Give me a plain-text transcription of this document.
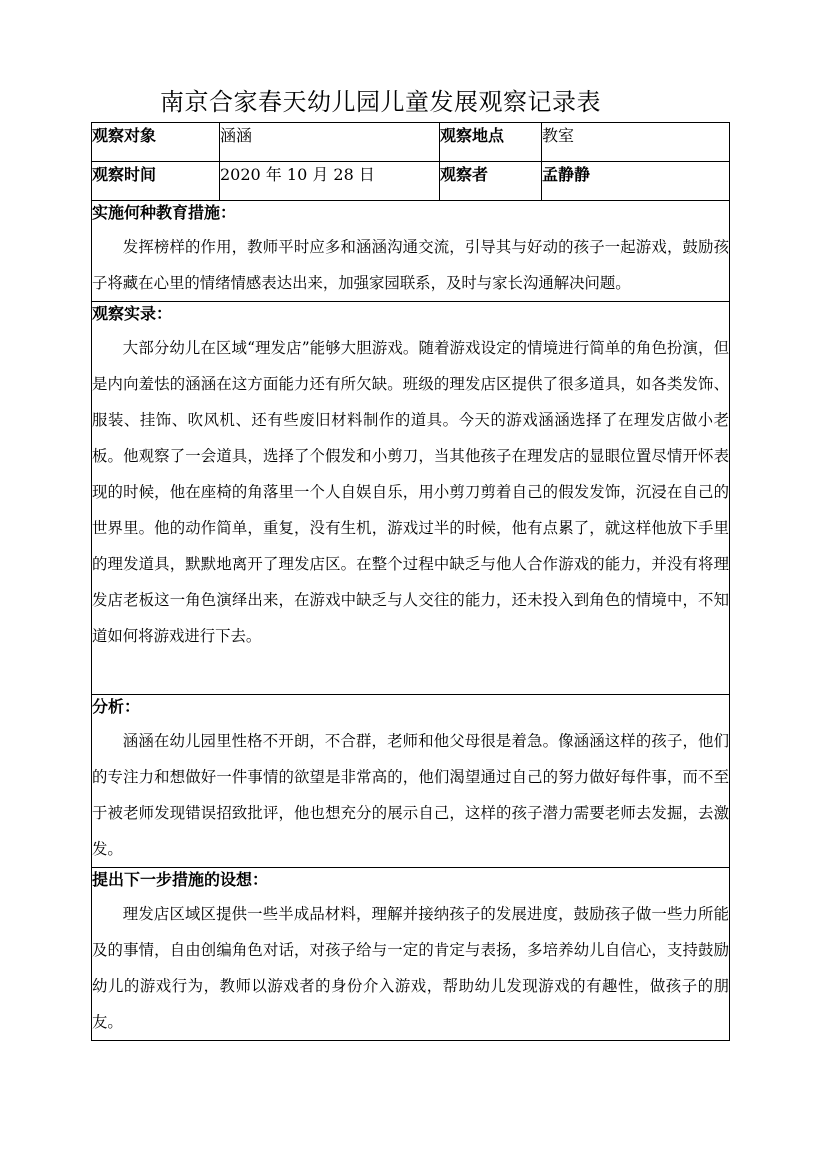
南京合家春天幼儿园儿童发展观察记录表
观察对象	涵涵	观察地点	教室
观察时间	2020 年 10 月 28 日	观察者	孟静静

实施何种教育措施：

发挥榜样的作用，教师平时应多和涵涵沟通交流，引导其与好动的孩子一起游戏，鼓励孩子将藏在心里的情绪情感表达出来，加强家园联系，及时与家长沟通解决问题。			

观察实录：

大部分幼儿在区域“理发店”能够大胆游戏。随着游戏设定的情境进行简单的角色扮演，但是内向羞怯的涵涵在这方面能力还有所欠缺。班级的理发店区提供了很多道具，如各类发饰、服装、挂饰、吹风机、还有些废旧材料制作的道具。今天的游戏涵涵选择了在理发店做小老板。他观察了一会道具，选择了个假发和小剪刀，当其他孩子在理发店的显眼位置尽情开怀表现的时候，他在座椅的角落里一个人自娱自乐，用小剪刀剪着自己的假发发饰，沉浸在自己的世界里。他的动作简单，重复，没有生机，游戏过半的时候，他有点累了，就这样他放下手里的理发道具，默默地离开了理发店区。在整个过程中缺乏与他人合作游戏的能力，并没有将理发店老板这一角色演绎出来，在游戏中缺乏与人交往的能力，还未投入到角色的情境中，不知道如何将游戏进行下去。			

分析：

涵涵在幼儿园里性格不开朗，不合群，老师和他父母很是着急。像涵涵这样的孩子，他们的专注力和想做好一件事情的欲望是非常高的，他们渴望通过自己的努力做好每件事，而不至于被老师发现错误招致批评，他也想充分的展示自己，这样的孩子潜力需要老师去发掘，去激发。			

提出下一步措施的设想：

理发店区域区提供一些半成品材料，理解并接纳孩子的发展进度，鼓励孩子做一些力所能及的事情，自由创编角色对话，对孩子给与一定的肯定与表扬，多培养幼儿自信心，支持鼓励幼儿的游戏行为，教师以游戏者的身份介入游戏，帮助幼儿发现游戏的有趣性，做孩子的朋友。			
